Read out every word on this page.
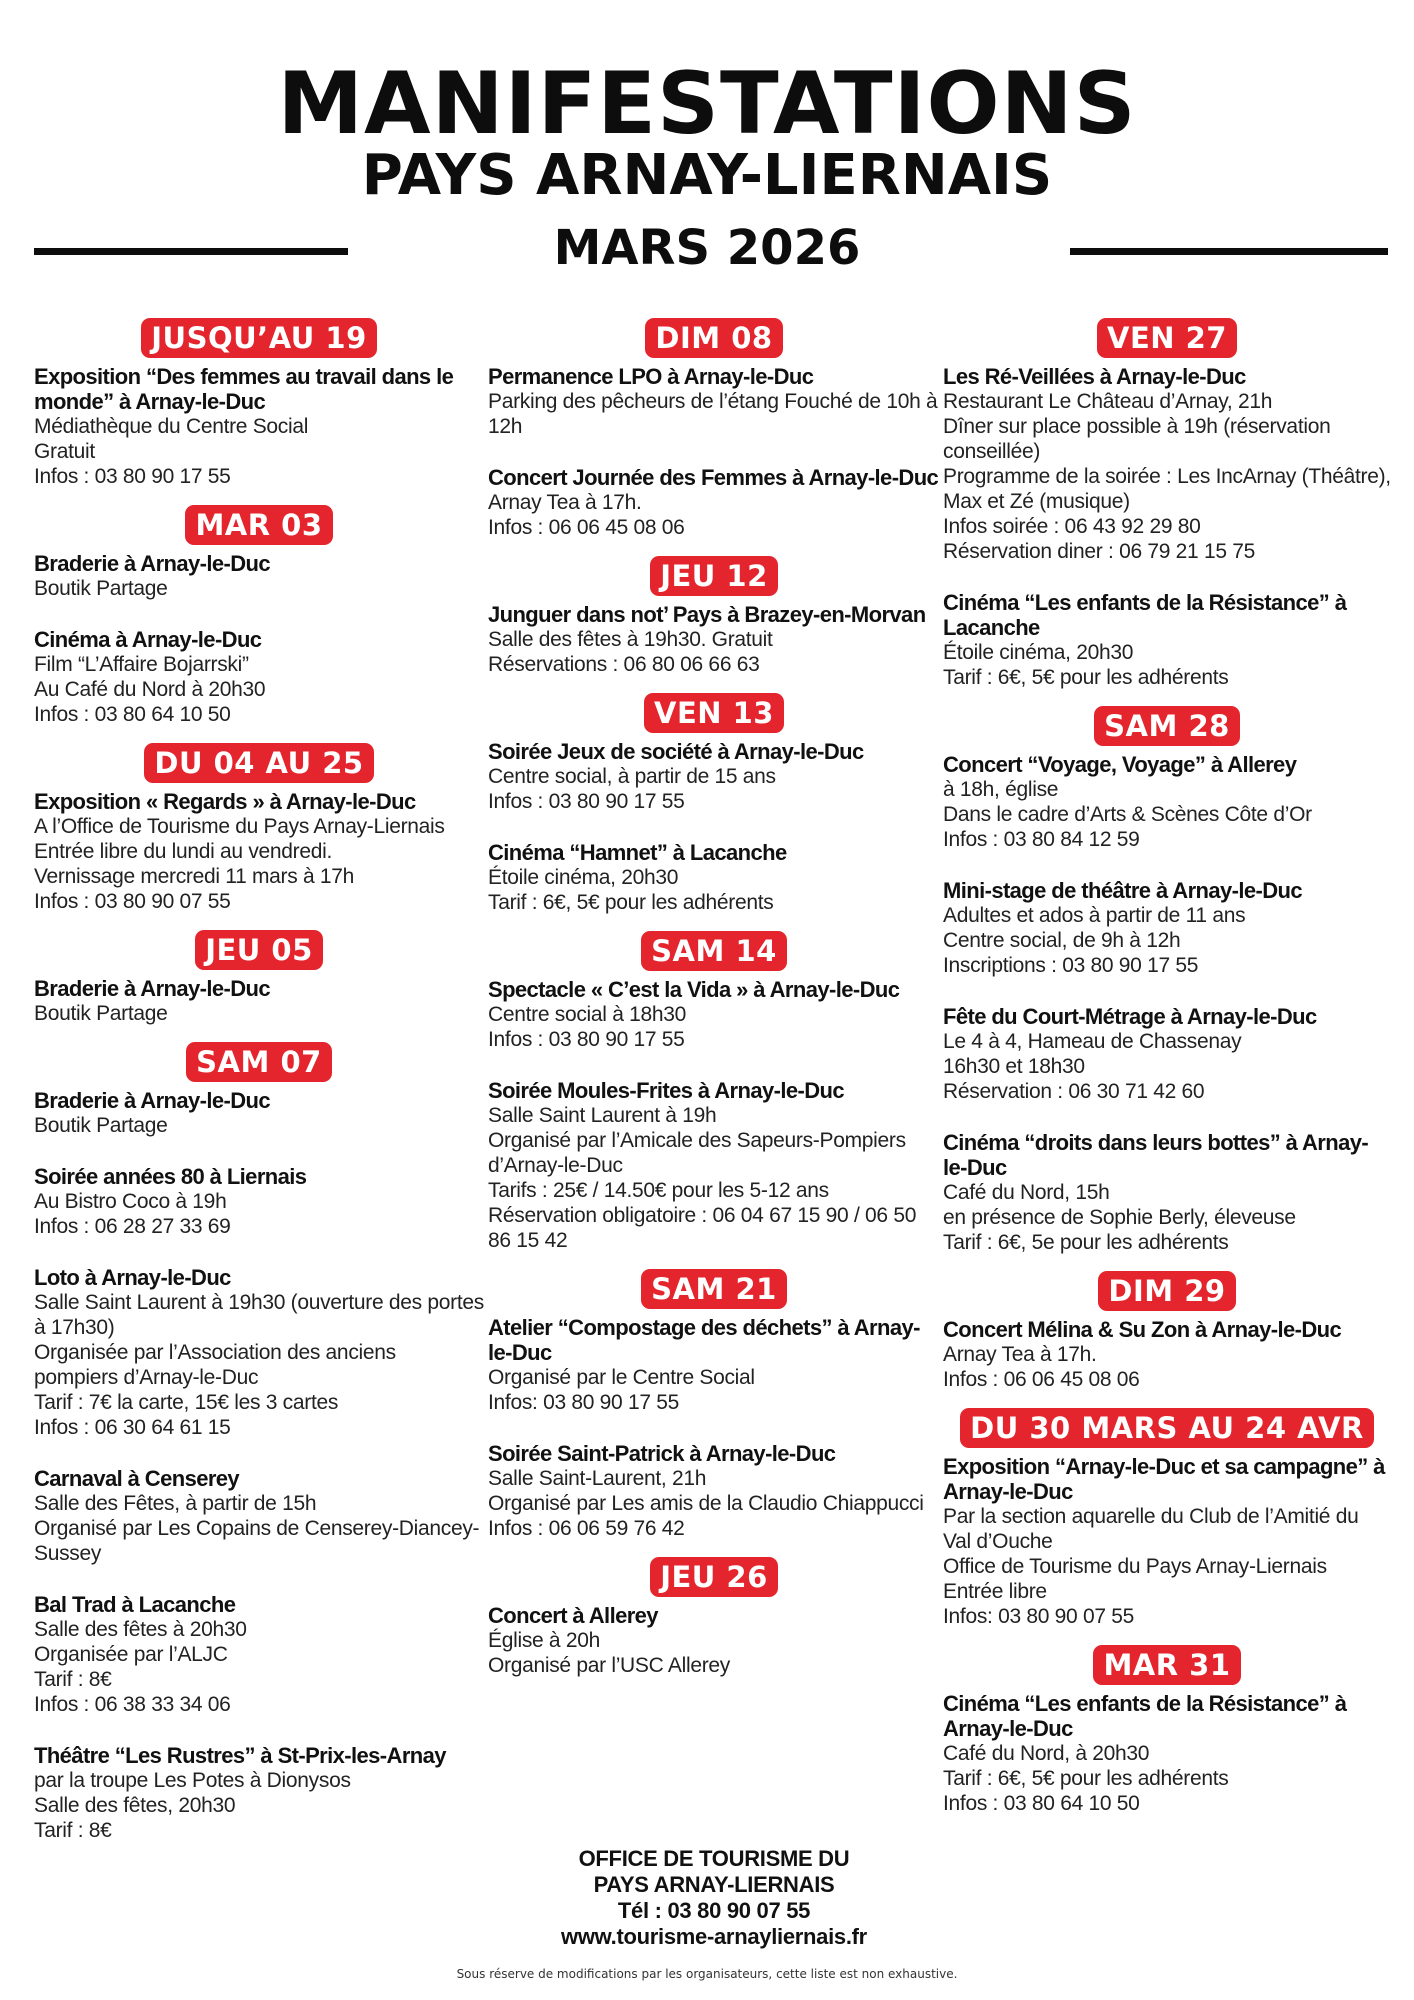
MANIFESTATIONS
PAYS ARNAY-LIERNAIS
MARS 2026
JUSQU’AU 19
Exposition “Des femmes au travail dans le monde” à Arnay-le-Duc
Médiathèque du Centre Social
Gratuit
Infos : 03 80 90 17 55
MAR 03
Braderie à Arnay-le-Duc
Boutik Partage
Cinéma à Arnay-le-Duc
Film “L’Affaire Bojarrski”
Au Café du Nord à 20h30
Infos : 03 80 64 10 50
DU 04 AU 25
Exposition « Regards » à Arnay-le-Duc
A l’Office de Tourisme du Pays Arnay-Liernais
Entrée libre du lundi au vendredi.
Vernissage mercredi 11 mars à 17h
Infos : 03 80 90 07 55
JEU 05
Braderie à Arnay-le-Duc
Boutik Partage
SAM 07
Braderie à Arnay-le-Duc
Boutik Partage
Soirée années 80 à Liernais
Au Bistro Coco à 19h
Infos : 06 28 27 33 69
Loto à Arnay-le-Duc
Salle Saint Laurent à 19h30 (ouverture des portes à 17h30)
Organisée par l’Association des anciens pompiers d’Arnay-le-Duc
Tarif : 7€ la carte, 15€ les 3 cartes
Infos : 06 30 64 61 15
Carnaval à Censerey
Salle des Fêtes, à partir de 15h
Organisé par Les Copains de Censerey-Diancey-Sussey
Bal Trad à Lacanche
Salle des fêtes à 20h30
Organisée par l’ALJC
Tarif : 8€
Infos : 06 38 33 34 06
Théâtre “Les Rustres” à St-Prix-les-Arnay
par la troupe Les Potes à Dionysos
Salle des fêtes, 20h30
Tarif : 8€
DIM 08
Permanence LPO à Arnay-le-Duc
Parking des pêcheurs de l’étang Fouché de 10h à 12h
Concert Journée des Femmes à Arnay-le-Duc
Arnay Tea à 17h.
Infos : 06 06 45 08 06
JEU 12
Junguer dans not’ Pays à Brazey-en-Morvan
Salle des fêtes à 19h30. Gratuit
Réservations : 06 80 06 66 63
VEN 13
Soirée Jeux de société à Arnay-le-Duc
Centre social, à partir de 15 ans
Infos : 03 80 90 17 55
Cinéma “Hamnet” à Lacanche
Étoile cinéma, 20h30
Tarif : 6€, 5€ pour les adhérents
SAM 14
Spectacle « C’est la Vida » à Arnay-le-Duc
Centre social à 18h30
Infos : 03 80 90 17 55
Soirée Moules-Frites à Arnay-le-Duc
Salle Saint Laurent à 19h
Organisé par l’Amicale des Sapeurs-Pompiers d’Arnay-le-Duc
Tarifs : 25€ / 14.50€ pour les 5-12 ans
Réservation obligatoire : 06 04 67 15 90 / 06 50 86 15 42
SAM 21
Atelier “Compostage des déchets” à Arnay-le-Duc
Organisé par le Centre Social
Infos: 03 80 90 17 55
Soirée Saint-Patrick à Arnay-le-Duc
Salle Saint-Laurent, 21h
Organisé par Les amis de la Claudio Chiappucci
Infos : 06 06 59 76 42
JEU 26
Concert à Allerey
Église à 20h
Organisé par l’USC Allerey
VEN 27
Les Ré-Veillées à Arnay-le-Duc
Restaurant Le Château d’Arnay, 21h
Dîner sur place possible à 19h (réservation conseillée)
Programme de la soirée : Les IncArnay (Théâtre), Max et Zé (musique)
Infos soirée : 06 43 92 29 80
Réservation diner : 06 79 21 15 75
Cinéma “Les enfants de la Résistance” à Lacanche
Étoile cinéma, 20h30
Tarif : 6€, 5€ pour les adhérents
SAM 28
Concert “Voyage, Voyage” à Allerey
à 18h, église
Dans le cadre d’Arts & Scènes Côte d’Or
Infos : 03 80 84 12 59
Mini-stage de théâtre à Arnay-le-Duc
Adultes et ados à partir de 11 ans
Centre social, de 9h à 12h
Inscriptions : 03 80 90 17 55
Fête du Court-Métrage à Arnay-le-Duc
Le 4 à 4, Hameau de Chassenay
16h30 et 18h30
Réservation : 06 30 71 42 60
Cinéma “droits dans leurs bottes” à Arnay-le-Duc
Café du Nord, 15h
en présence de Sophie Berly, éleveuse
Tarif : 6€, 5e pour les adhérents
DIM 29
Concert Mélina & Su Zon à Arnay-le-Duc
Arnay Tea à 17h.
Infos : 06 06 45 08 06
DU 30 MARS AU 24 AVR
Exposition “Arnay-le-Duc et sa campagne” à Arnay-le-Duc
Par la section aquarelle du Club de l’Amitié du Val d’Ouche
Office de Tourisme du Pays Arnay-Liernais
Entrée libre
Infos: 03 80 90 07 55
MAR 31
Cinéma “Les enfants de la Résistance” à Arnay-le-Duc
Café du Nord, à 20h30
Tarif : 6€, 5€ pour les adhérents
Infos : 03 80 64 10 50
OFFICE DE TOURISME DU
PAYS ARNAY-LIERNAIS
Tél : 03 80 90 07 55
www.tourisme-arnayliernais.fr
Sous réserve de modifications par les organisateurs, cette liste est non exhaustive.
